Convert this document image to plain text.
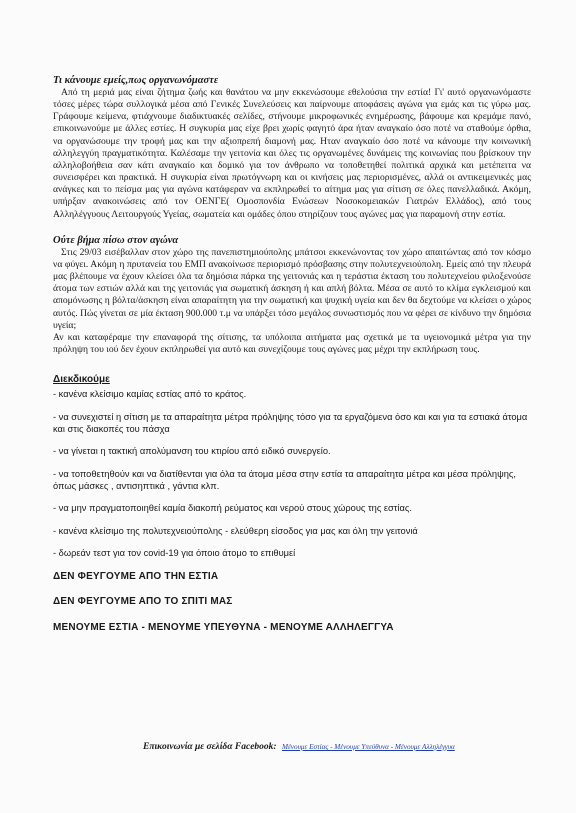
Τι κάνουμε εμείς,πως οργανωνόμαστε

Από τη μεριά μας είναι ζήτημα ζωής και θανάτου να μην εκκενώσουμε εθελούσια την εστία! Γι' αυτό οργανωνόμαστε τόσες μέρες τώρα συλλογικά μέσα από Γενικές Συνελεύσεις και παίρνουμε αποφάσεις αγώνα για εμάς και τις γύρω μας. Γράφουμε κείμενα, φτιάχνουμε διαδικτυακές σελίδες, στήνουμε μικροφωνικές ενημέρωσης, βάφουμε και κρεμάμε πανό, επικοινωνούμε με άλλες εστίες. Η συγκυρία μας είχε βρει χωρίς φαγητό άρα ήταν αναγκαίο όσο ποτέ να σταθούμε όρθια, να οργανώσουμε την τροφή μας και την αξιοπρεπή διαμονή μας. Ηταν αναγκαίο όσο ποτέ να κάνουμε την κοινωνική αλληλεγγύη πραγματικότητα. Καλέσαμε την γειτονία και όλες τις οργανωμένες δυνάμεις της κοινωνίας που βρίσκουν την αλληλοβοήθεια σαν κάτι αναγκαίο και δομικό για τον άνθρωπο να τοποθετηθεί πολιτικά αρχικά και μετέπειτα να συνεισφέρει και πρακτικά. Η συγκυρία είναι πρωτόγνωρη και οι κινήσεις μας περιορισμένες, αλλά οι αντικειμενικές μας ανάγκες και το πείσμα μας για αγώνα κατάφεραν να εκπληρωθεί το αίτημα μας για σίτιση σε όλες πανελλαδικά. Ακόμη, υπήρξαν ανακοινώσεις από τον ΟΕΝΓΕ( Ομοσπονδία Ενώσεων Νοσοκομειακών Γιατρών Ελλάδος), από τους Αλληλέγγυους Λειτουργούς Υγείας, σωματεία και ομάδες όπου στηρίζουν τους αγώνες μας για παραμονή στην εστία.

Ούτε βήμα πίσω στον αγώνα

Στις 29/03 εισέβαλλαν στον χώρο της πανεπιστημιούπολης μπάτσοι εκκενώνοντας τον χώρο απαιτώντας από τον κόσμο να φύγει. Ακόμη η πρυτανεία του ΕΜΠ ανακοίνωσε περιορισμό πρόσβασης στην πολυτεχνειούπολη. Εμείς από την πλευρά μας βλέπουμε να έχουν κλείσει όλα τα δημόσια πάρκα της γειτονιάς και η τεράστια έκταση του πολυτεχνείου φιλοξενούσε άτομα των εστιών αλλά και της γειτονιάς για σωματική άσκηση ή και απλή βόλτα. Μέσα σε αυτό το κλίμα εγκλεισμού και απομόνωσης η βόλτα/άσκηση είναι απαραίτητη για την σωματική και ψυχική υγεία και δεν θα δεχτούμε να κλείσει ο χώρος αυτός. Πώς γίνεται σε μία έκταση 900.000 τ.μ να υπάρξει τόσο μεγάλος συνωστισμός που να φέρει σε κίνδυνο την δημόσια υγεία;

Αν και καταφέραμε την επαναφορά της σίτισης, τα υπόλοιπα αιτήματα μας σχετικά με τα υγειονομικά μέτρα για την πρόληψη του ιού δεν έχουν εκπληρωθεί για αυτό και συνεχίζουμε τους αγώνες μας μέχρι την εκπλήρωση τους.

Διεκδικούμε

- κανένα κλείσιμο καμίας εστίας από το κράτος.

- να συνεχιστεί η σίτιση με τα απαραίτητα μέτρα πρόληψης τόσο για τα εργαζόμενα όσο και και για τα εστιακά άτομα και στις διακοπές του πάσχα

- να γίνεται η τακτική απολύμανση του κτιρίου από ειδικό συνεργείο.

- να τοποθετηθούν και να διατίθενται για όλα τα άτομα μέσα στην εστία τα απαραίτητα μέτρα και μέσα πρόληψης, όπως μάσκες , αντισηπτικά , γάντια κλπ.

- να μην πραγματοποιηθεί καμία διακοπή ρεύματος και νερού στους χώρους της εστίας.

- κανένα κλείσιμο της πολυτεχνειούπολης - ελεύθερη είσοδος για μας και όλη την γειτονιά

- δωρεάν τεστ για τον covid-19 για όποιο άτομο το επιθυμεί

ΔΕΝ ΦΕΥΓΟΥΜΕ ΑΠΟ ΤΗΝ ΕΣΤΙΑ

ΔΕΝ ΦΕΥΓΟΥΜΕ ΑΠΟ ΤΟ ΣΠΙΤΙ ΜΑΣ

ΜΕΝΟΥΜΕ ΕΣΤΙΑ - ΜΕΝΟΥΜΕ ΥΠΕΥΘΥΝΑ - ΜΕΝΟΥΜΕ ΑΛΛΗΛΕΓΓΥΑ

Επικοινωνία με σελίδα Facebook: Μένουμε Εστίας - Μένουμε Υπεύθυνα - Μένουμε Αλληλέγγυα
